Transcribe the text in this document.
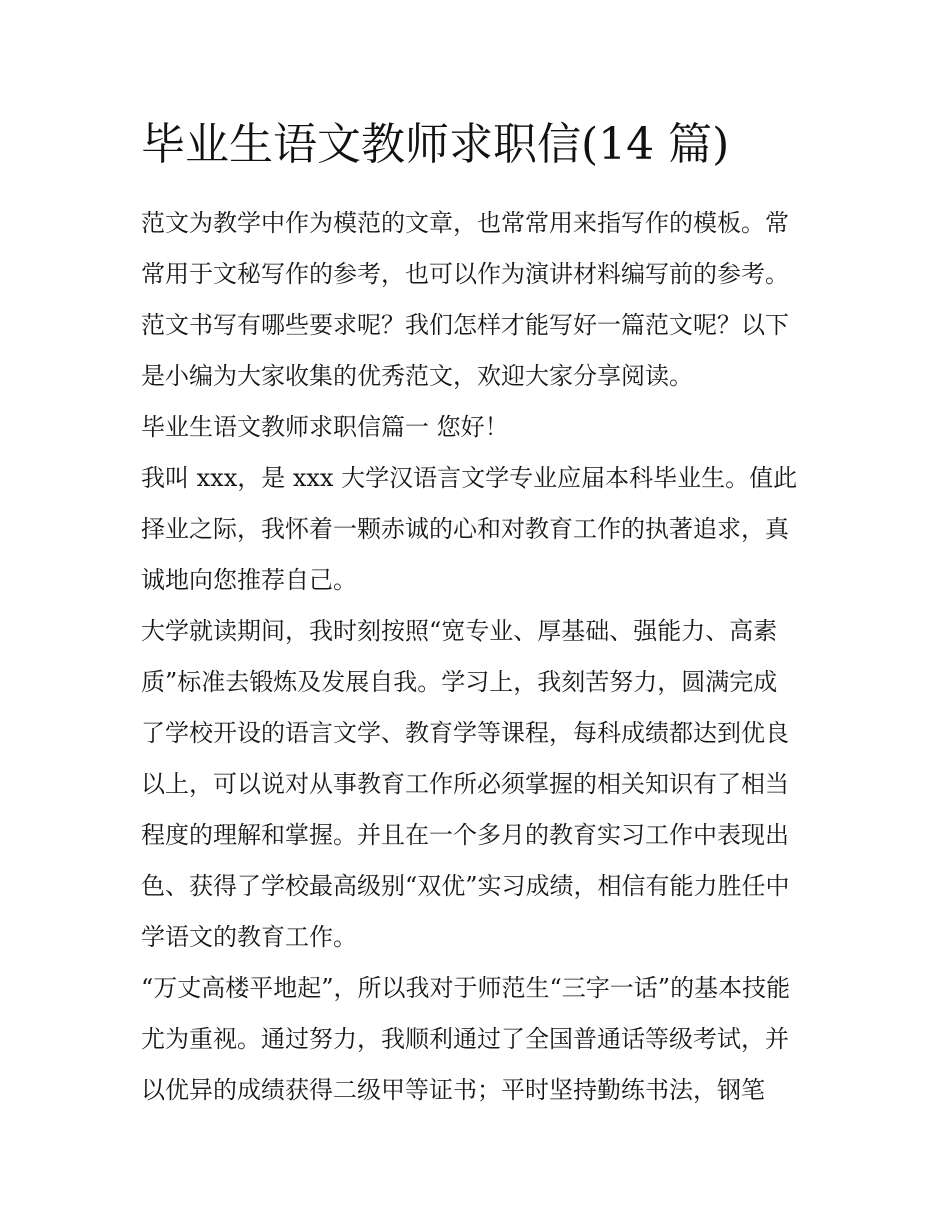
毕业生语文教师求职信(14 篇)
范文为教学中作为模范的文章，也常常用来指写作的模板。常
常用于文秘写作的参考，也可以作为演讲材料编写前的参考。
范文书写有哪些要求呢？我们怎样才能写好一篇范文呢？以下
是小编为大家收集的优秀范文，欢迎大家分享阅读。
毕业生语文教师求职信篇一 您好！
我叫 xxx，是 xxx 大学汉语言文学专业应届本科毕业生。值此
择业之际，我怀着一颗赤诚的心和对教育工作的执著追求，真
诚地向您推荐自己。
大学就读期间，我时刻按照“宽专业、厚基础、强能力、高素
质”标准去锻炼及发展自我。学习上，我刻苦努力，圆满完成
了学校开设的语言文学、教育学等课程，每科成绩都达到优良
以上，可以说对从事教育工作所必须掌握的相关知识有了相当
程度的理解和掌握。并且在一个多月的教育实习工作中表现出
色、获得了学校最高级别“双优”实习成绩，相信有能力胜任中
学语文的教育工作。
“万丈高楼平地起”，所以我对于师范生“三字一话”的基本技能
尤为重视。通过努力，我顺利通过了全国普通话等级考试，并
以优异的成绩获得二级甲等证书；平时坚持勤练书法，钢笔
